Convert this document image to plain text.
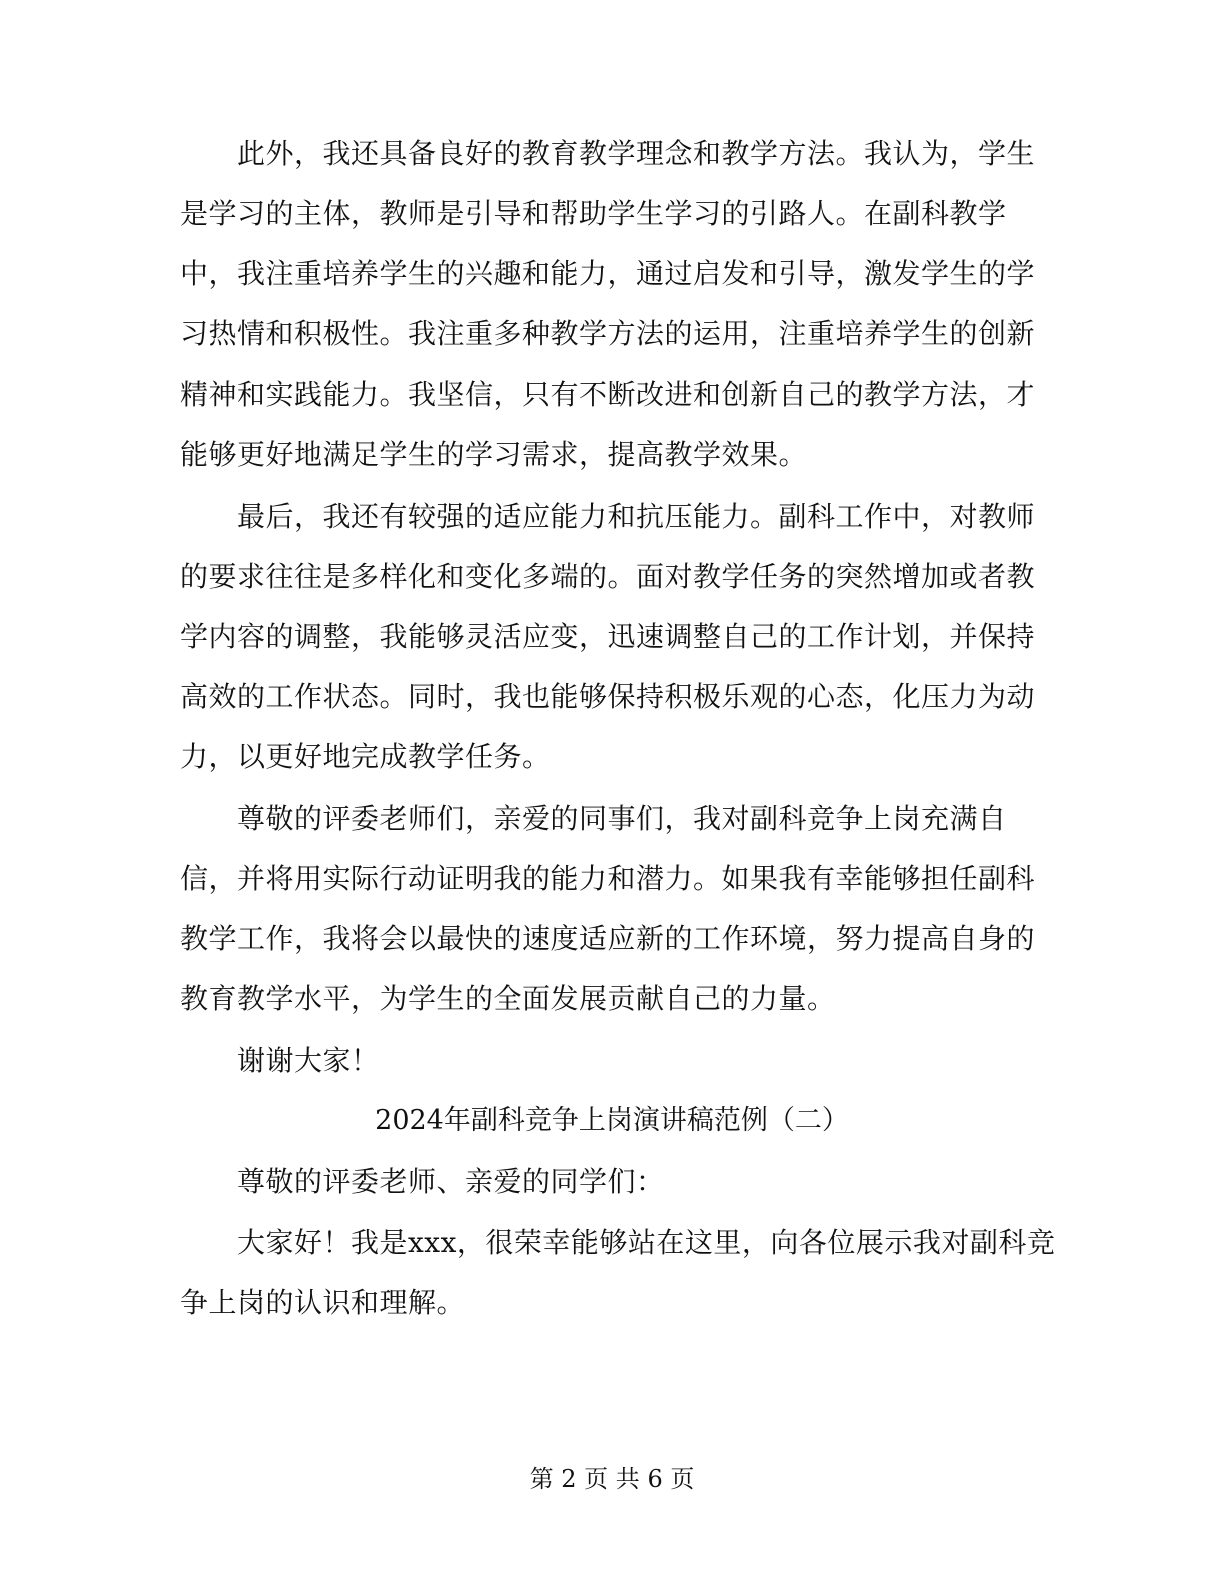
此外，我还具备良好的教育教学理念和教学方法。我认为，学生
是学习的主体，教师是引导和帮助学生学习的引路人。在副科教学
中，我注重培养学生的兴趣和能力，通过启发和引导，激发学生的学
习热情和积极性。我注重多种教学方法的运用，注重培养学生的创新
精神和实践能力。我坚信，只有不断改进和创新自己的教学方法，才
能够更好地满足学生的学习需求，提高教学效果。
最后，我还有较强的适应能力和抗压能力。副科工作中，对教师
的要求往往是多样化和变化多端的。面对教学任务的突然增加或者教
学内容的调整，我能够灵活应变，迅速调整自己的工作计划，并保持
高效的工作状态。同时，我也能够保持积极乐观的心态，化压力为动
力，以更好地完成教学任务。
尊敬的评委老师们，亲爱的同事们，我对副科竞争上岗充满自
信，并将用实际行动证明我的能力和潜力。如果我有幸能够担任副科
教学工作，我将会以最快的速度适应新的工作环境，努力提高自身的
教育教学水平，为学生的全面发展贡献自己的力量。
谢谢大家！
2024年副科竞争上岗演讲稿范例（二）
尊敬的评委老师、亲爱的同学们：
大家好！我是xxx，很荣幸能够站在这里，向各位展示我对副科竞
争上岗的认识和理解。
第 2 页 共 6 页
